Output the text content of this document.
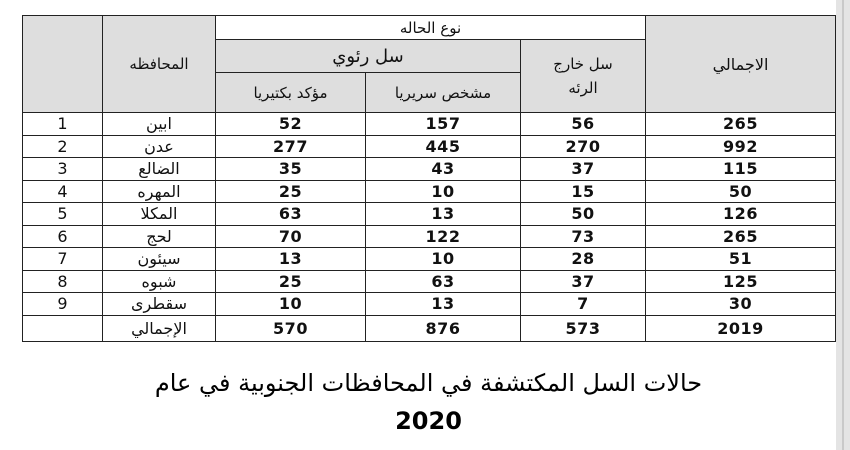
	المحافظه	نوع الحاله			الاجمالي
		سل رئوي		سل خارج
الرئه	

		مؤكد بكتيريا	مشخص سريريا		
1	ابين	52	157	56	265
2	عدن	277	445	270	992
3	الضالع	35	43	37	115
4	المهره	25	10	15	50
5	المكلا	63	13	50	126
6	لحج	70	122	73	265
7	سيئون	13	10	28	51
8	شبوه	25	63	37	125
9	سقطرى	10	13	7	30
	الإجمالي	570	876	573	2019
حالات السل المكتشفة في المحافظات الجنوبية في عام
2020
